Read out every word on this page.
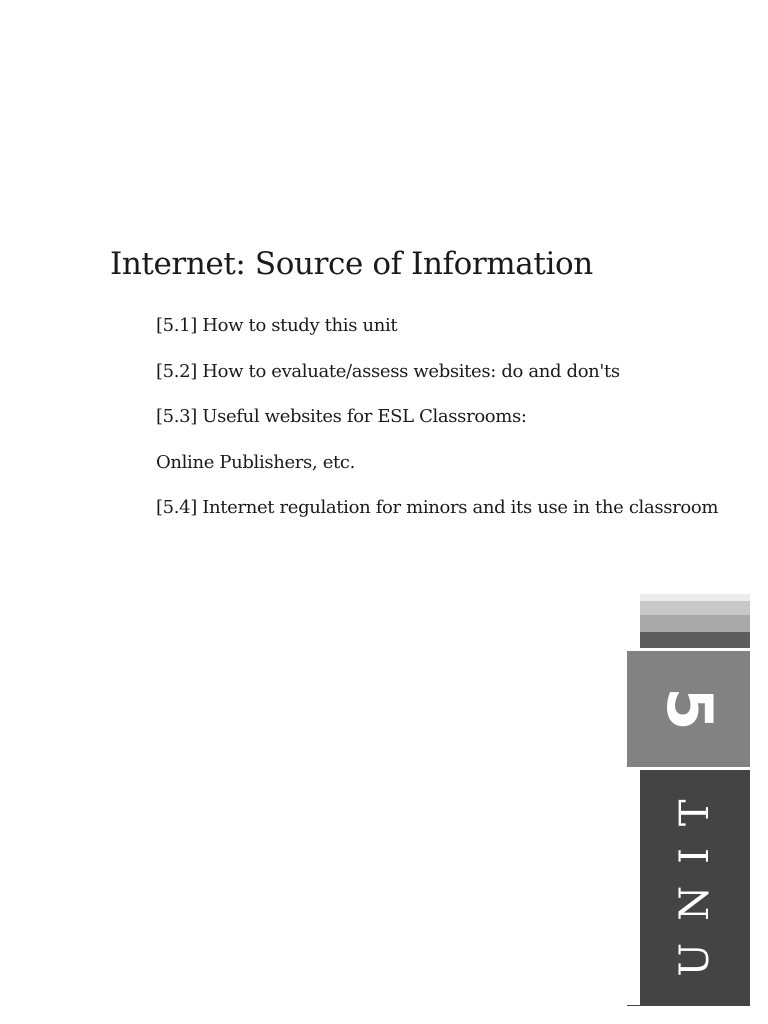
Internet: Source of Information
[5.1] How to study this unit
[5.2] How to evaluate/assess websites: do and don'ts
[5.3] Useful websites for ESL Classrooms:
Online Publishers, etc.
[5.4] Internet regulation for minors and its use in the classroom
5
UNIT
